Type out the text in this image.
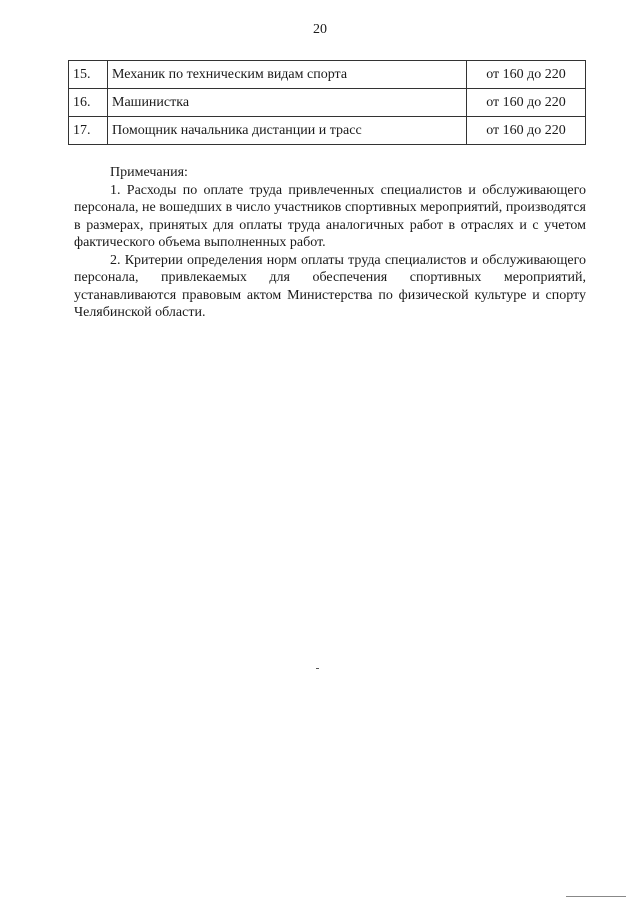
20
15.	Механик по техническим видам спорта	от 160 до 220
16.	Машинистка	от 160 до 220
17.	Помощник начальника дистанции и трасс	от 160 до 220

Примечания:

1. Расходы по оплате труда привлеченных специалистов и обслуживающего персонала, не вошедших в число участников спортивных мероприятий, производятся в размерах, принятых для оплаты труда аналогичных работ в отраслях и с учетом фактического объема выполненных работ.

2. Критерии определения норм оплаты труда специалистов и обслуживающего персонала, привлекаемых для обеспечения спортивных мероприятий, устанавливаются правовым актом Министерства по физической культуре и спорту Челябинской области.
